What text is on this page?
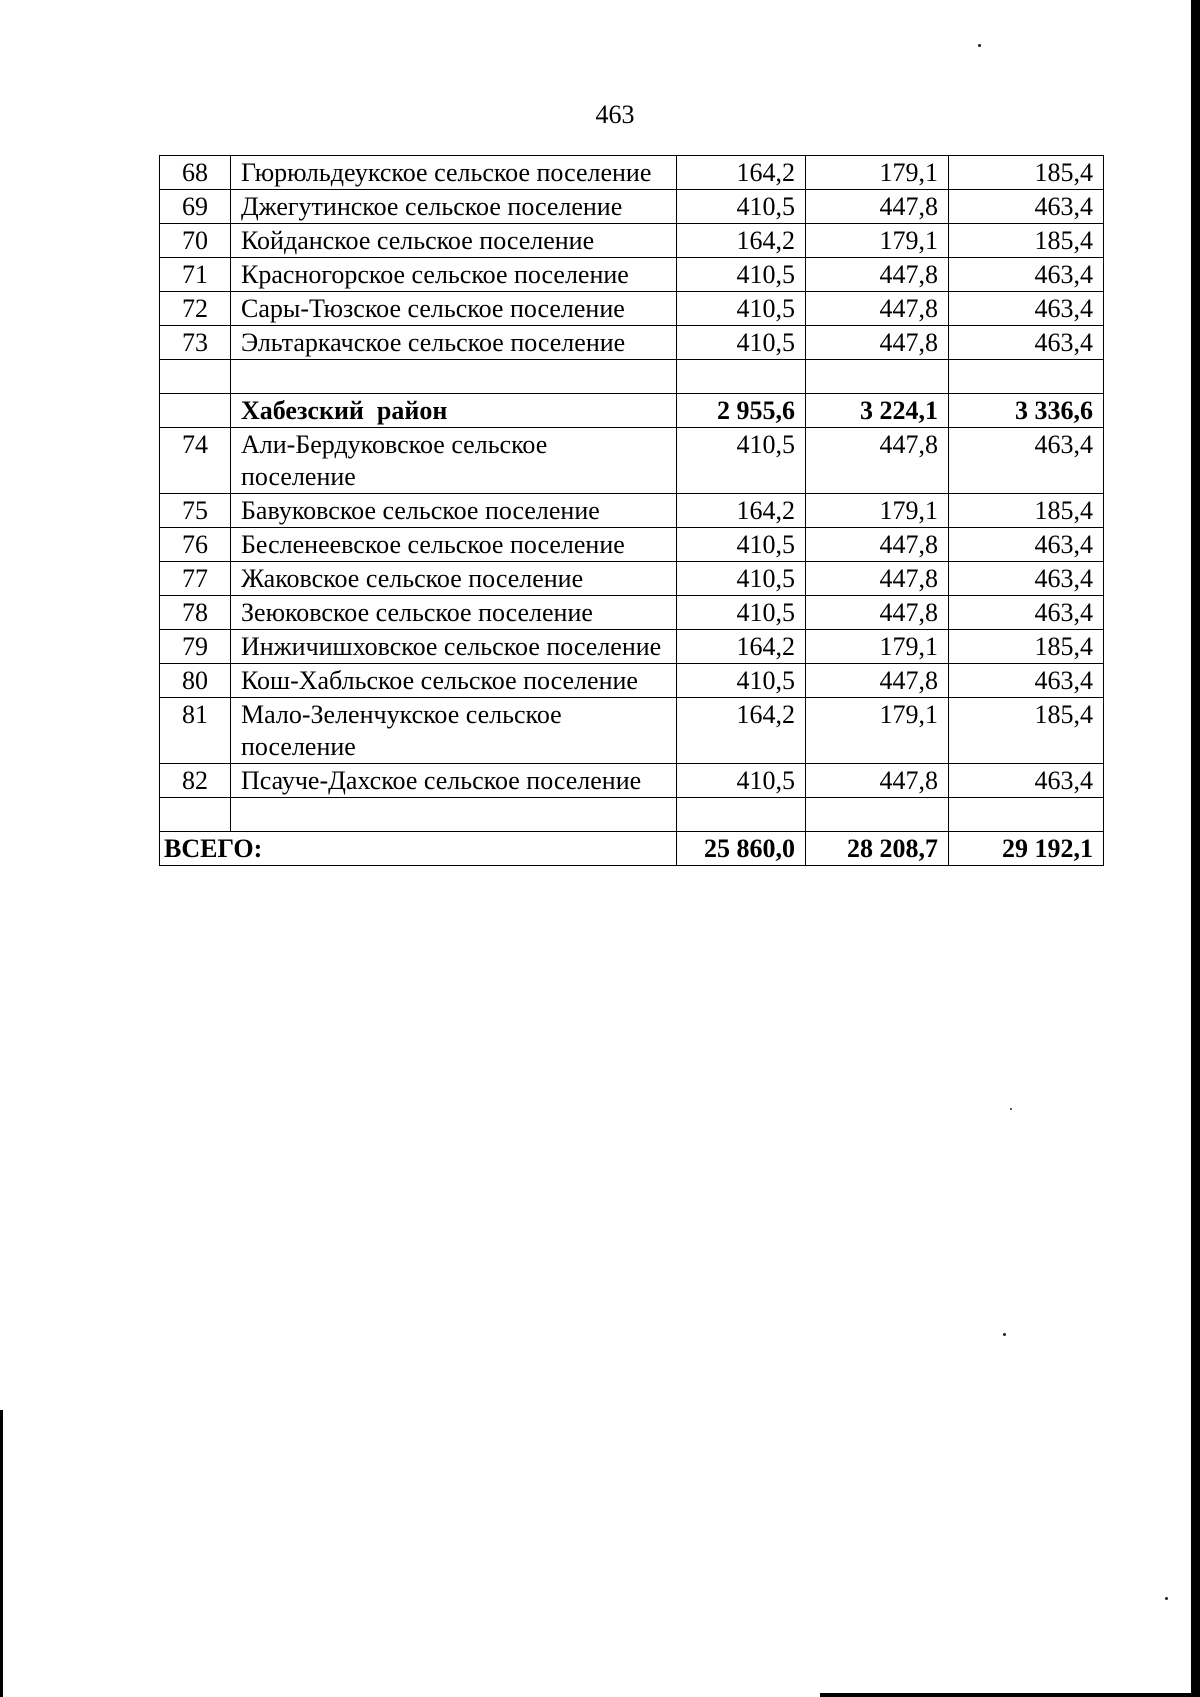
463
68	Гюрюльдеукское сельское поселение	164,2	179,1	185,4
69	Джегутинское сельское поселение	410,5	447,8	463,4
70	Койданское сельское поселение	164,2	179,1	185,4
71	Красногорское сельское поселение	410,5	447,8	463,4
72	Сары-Тюзское сельское поселение	410,5	447,8	463,4
73	Эльтаркачское сельское поселение	410,5	447,8	463,4

	Хабезский  район	2 955,6	3 224,1	3 336,6
74	Али-Бердуковское сельское поселение	410,5	447,8	463,4
75	Бавуковское сельское поселение	164,2	179,1	185,4
76	Бесленеевское сельское поселение	410,5	447,8	463,4
77	Жаковское сельское поселение	410,5	447,8	463,4
78	Зеюковское сельское поселение	410,5	447,8	463,4
79	Инжичишховское сельское поселение	164,2	179,1	185,4
80	Кош-Хабльское сельское поселение	410,5	447,8	463,4
81	Мало-Зеленчукское сельское поселение	164,2	179,1	185,4
82	Псауче-Дахское сельское поселение	410,5	447,8	463,4

ВСЕГО:		25 860,0	28 208,7	29 192,1
